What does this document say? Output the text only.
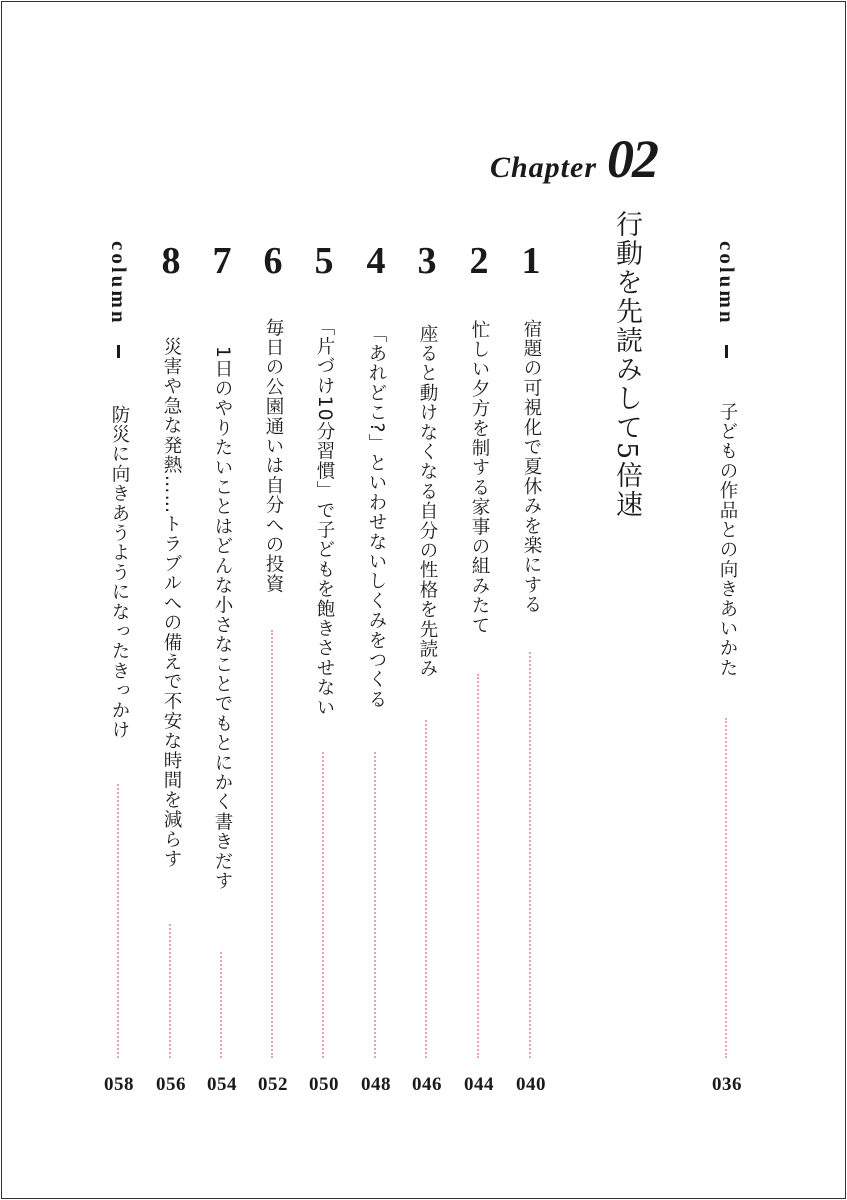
Chapter 02
行動を先読みして5倍速	column
子どもの作品との向きあいかた
036
1
宿題の可視化で夏休みを楽にする
040
2
忙しい夕方を制する家事の組みたて
044
3
座ると動けなくなる自分の性格を先読み
046
4
「あれどこ?」といわせないしくみをつくる
048
5
「片づけ10分習慣」で子どもを飽きさせない
050
6
毎日の公園通いは自分への投資
052
7
1日のやりたいことはどんな小さなことでもとにかく書きだす
054
8
災害や急な発熱……トラブルへの備えで不安な時間を減らす
056
column
防災に向きあうようになったきっかけ
058
